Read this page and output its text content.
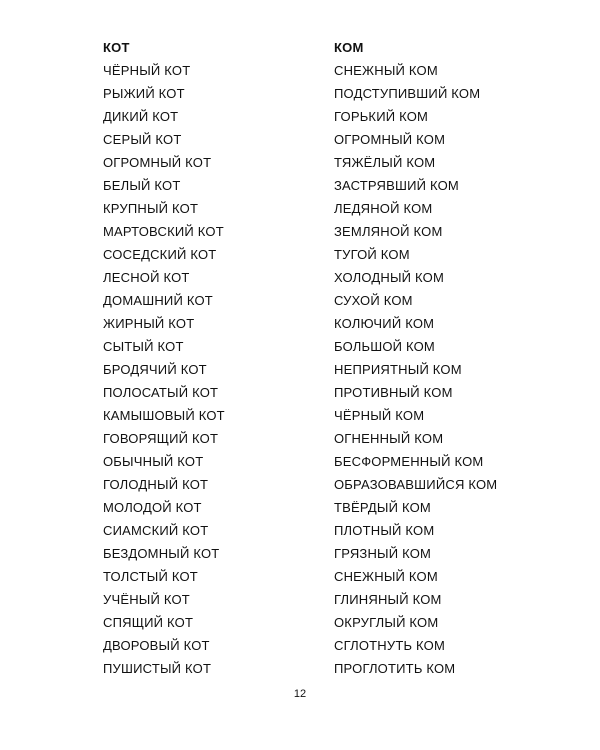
КОТ
ЧЁРНЫЙ КОТ
РЫЖИЙ КОТ
ДИКИЙ КОТ
СЕРЫЙ КОТ
ОГРОМНЫЙ КОТ
БЕЛЫЙ КОТ
КРУПНЫЙ КОТ
МАРТОВСКИЙ КОТ
СОСЕДСКИЙ КОТ
ЛЕСНОЙ КОТ
ДОМАШНИЙ КОТ
ЖИРНЫЙ КОТ
СЫТЫЙ КОТ
БРОДЯЧИЙ КОТ
ПОЛОСАТЫЙ КОТ
КАМЫШОВЫЙ КОТ
ГОВОРЯЩИЙ КОТ
ОБЫЧНЫЙ КОТ
ГОЛОДНЫЙ КОТ
МОЛОДОЙ КОТ
СИАМСКИЙ КОТ
БЕЗДОМНЫЙ КОТ
ТОЛСТЫЙ КОТ
УЧЁНЫЙ КОТ
СПЯЩИЙ КОТ
ДВОРОВЫЙ КОТ
ПУШИСТЫЙ КОТ
КОМ
СНЕЖНЫЙ КОМ
ПОДСТУПИВШИЙ КОМ
ГОРЬКИЙ КОМ
ОГРОМНЫЙ КОМ
ТЯЖЁЛЫЙ КОМ
ЗАСТРЯВШИЙ КОМ
ЛЕДЯНОЙ КОМ
ЗЕМЛЯНОЙ КОМ
ТУГОЙ КОМ
ХОЛОДНЫЙ КОМ
СУХОЙ КОМ
КОЛЮЧИЙ КОМ
БОЛЬШОЙ КОМ
НЕПРИЯТНЫЙ КОМ
ПРОТИВНЫЙ КОМ
ЧЁРНЫЙ КОМ
ОГНЕННЫЙ КОМ
БЕСФОРМЕННЫЙ КОМ
ОБРАЗОВАВШИЙСЯ КОМ
ТВЁРДЫЙ КОМ
ПЛОТНЫЙ КОМ
ГРЯЗНЫЙ КОМ
СНЕЖНЫЙ КОМ
ГЛИНЯНЫЙ КОМ
ОКРУГЛЫЙ КОМ
СГЛОТНУТЬ КОМ
ПРОГЛОТИТЬ КОМ
12
